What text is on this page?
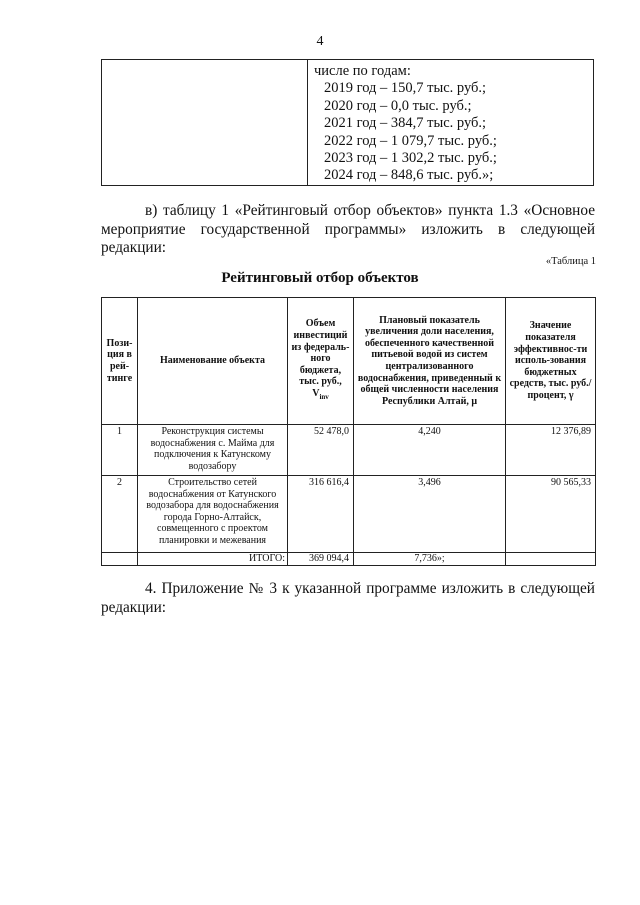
4

числе по годам:
2019 год – 150,7 тыс. руб.;
2020 год – 0,0 тыс. руб.;
2021 год – 384,7 тыс. руб.;
2022 год – 1 079,7 тыс. руб.;
2023 год – 1 302,2 тыс. руб.;
2024 год – 848,6 тыс. руб.»;

в) таблицу 1 «Рейтинговый отбор объектов» пункта 1.3 «Основное мероприятие государственной программы» изложить в следующей редакции:

«Таблица 1
Рейтинговый отбор объектов
Пози-ция в рей-тинге	Наименование объекта	Объем инвестиций из федераль-ного бюджета, тыс. руб.,
$V_{inv}$	Плановый показатель увеличения доли населения, обеспеченного качественной питьевой водой из систем централизованного водоснабжения, приведенный к общей численности населения Республики Алтай, μ	Значение показателя эффективнос-ти исполь-зования бюджетных средств, тыс. руб./ процент, γ
1	Реконструкция системы водоснабжения с. Майма для подключения к Катунскому водозабору	52 478,0	4,240	12 376,89
2	Строительство сетей водоснабжения от Катунского водозабора для водоснабжения города Горно-Алтайск, совмещенного с проектом планировки и межевания	316 616,4	3,496	90 565,33
	ИТОГО:	369 094,4	7,736»;	

4. Приложение № 3 к указанной программе изложить в следующей редакции:
